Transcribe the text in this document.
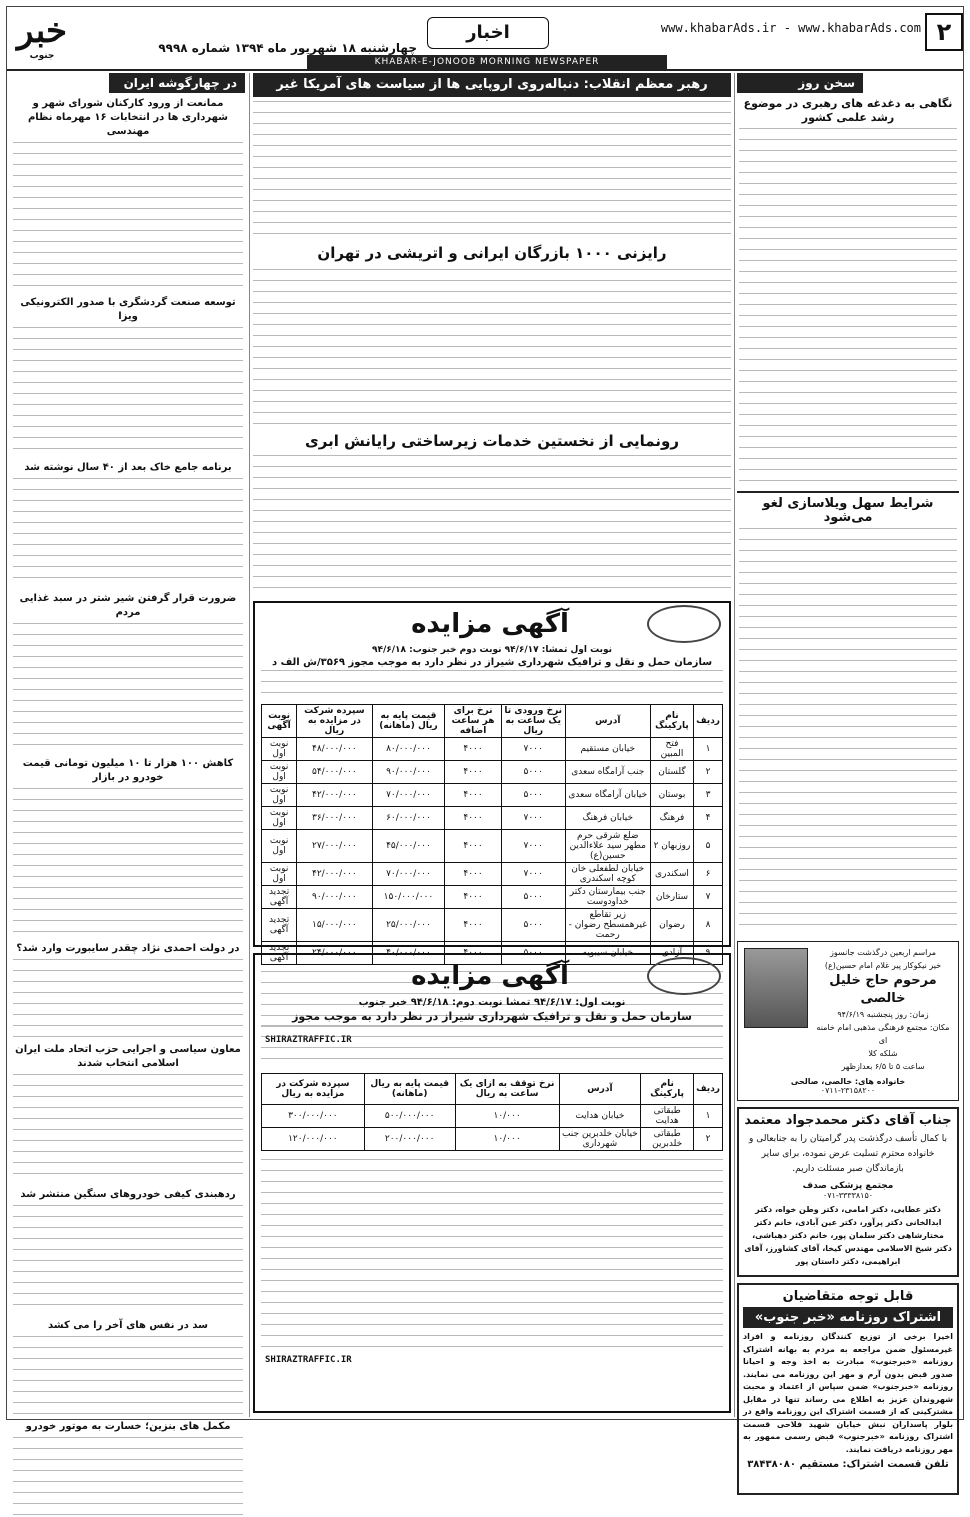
۲
www.khabarAds.ir - www.khabarAds.com
اخبار
چهارشنبه ۱۸ شهریور ماه ۱۳۹۴ شماره ۹۹۹۸
خبر
جنوب
KHABAR-E-JONOOB MORNING NEWSPAPER
سخن روز
نگاهی به دغدغه های رهبری در موضوع رشد علمی کشور
شرایط سهل ویلاسازی لغو می‌شود
مراسم اربعین درگذشت جانسوز
خیر نیکوکار پیر غلام امام حسین(ع)
مرحوم حاج خلیل خالصی
زمان: روز پنجشنبه ۹۴/۶/۱۹
مکان: مجتمع فرهنگی مذهبی امام خامنه ای
شلکه کلا
ساعت ۵ تا ۶/۵ بعدازظهر
خانواده های: خالصی، صالحی
۰۷۱۱-۲۳۱۵۸۲۰۰
جناب آقای دکتر محمدجواد معتمد
با کمال تأسف درگذشت پدر گرامیتان را به جنابعالی و خانواده محترم تسلیت عرض نموده، برای سایر بازماندگان صبر مسئلت داریم.
مجتمع پزشکی صدف
۰۷۱-۳۳۳۳۸۱۵۰
دکتر عطایی، دکتر امامی، دکتر وطن خواه، دکتر ابدالخانی دکتر پرآور، دکتر عین آبادی، خانم دکتر مختارشاهی دکتر سلمان پور، خانم دکتر دهباشی، دکتر شیخ الاسلامی مهندس کیخا، آقای کشاورز، آقای ابراهیمی، دکتر داستان پور
قابل توجه متقاضیان
اشتراک روزنامه «خبر جنوب»
اخیرا برخی از توزیع کنندگان روزنامه و افراد غیرمسئول ضمن مراجعه به مردم به بهانه اشتراک روزنامه «خبرجنوب» مبادرت به اخذ وجه و احیانا صدور قبض بدون آرم و مهر این روزنامه می نمایند. روزنامه «خبرجنوب» ضمن سپاس از اعتماد و محبت شهروندان عزیز به اطلاع می رساند تنها در مقابل مشترکینی که از قسمت اشتراک این روزنامه واقع در بلوار پاسداران نبش خیابان شهید فلاحی قسمت اشتراک روزنامه «خبرجنوب» قبض رسمی ممهور به مهر روزنامه دریافت نمایند.
تلفن قسمت اشتراک: مستقیم ۳۸۴۳۸۰۸۰
رهبر معظم انقلاب: دنباله‌روی اروپایی ها از سیاست های آمریکا غیر منطقی است
رایزنی ۱۰۰۰ بازرگان ایرانی و اتریشی در تهران
رونمایی از نخستین خدمات زیرساختی رایانش ابری
آگهی مزایده
نوبت اول تمشا: ۹۴/۶/۱۷ نوبت دوم خبر جنوب: ۹۴/۶/۱۸
سازمان حمل و نقل و ترافیک شهرداری شیراز در نظر دارد به موجب مجوز ۳۵۶۹/ش الف د
ردیف	نام پارکینگ	آدرس	نرخ ورودی تا یک ساعت به ریال	نرخ برای هر ساعت اضافه	قیمت پایه به ریال (ماهانه)	سپرده شرکت در مزایده به ریال	نوبت آگهی
۱	فتح المبین	خیابان مستقیم	۷۰۰۰	۴۰۰۰	۸۰/۰۰۰/۰۰۰	۴۸/۰۰۰/۰۰۰	نوبت اول
۲	گلستان	جنب آرامگاه سعدی	۵۰۰۰	۴۰۰۰	۹۰/۰۰۰/۰۰۰	۵۴/۰۰۰/۰۰۰	نوبت اول
۳	بوستان	خیابان آرامگاه سعدی	۵۰۰۰	۴۰۰۰	۷۰/۰۰۰/۰۰۰	۴۲/۰۰۰/۰۰۰	نوبت اول
۴	فرهنگ	خیابان فرهنگ	۷۰۰۰	۴۰۰۰	۶۰/۰۰۰/۰۰۰	۳۶/۰۰۰/۰۰۰	نوبت اول
۵	روزبهان ۲	ضلع شرقی حرم مطهر سید علاءالدین حسین(ع)	۷۰۰۰	۴۰۰۰	۴۵/۰۰۰/۰۰۰	۲۷/۰۰۰/۰۰۰	نوبت اول
۶	اسکندری	خیابان لطفعلی خان کوچه اسکندری	۷۰۰۰	۴۰۰۰	۷۰/۰۰۰/۰۰۰	۴۲/۰۰۰/۰۰۰	نوبت اول
۷	ستارخان	جنب بیمارستان دکتر خداودوست	۵۰۰۰	۴۰۰۰	۱۵۰/۰۰۰/۰۰۰	۹۰/۰۰۰/۰۰۰	تجدید آگهی
۸	رضوان	زیر تقاطع غیرهمسطح رضوان - رحمت	۵۰۰۰	۴۰۰۰	۲۵/۰۰۰/۰۰۰	۱۵/۰۰۰/۰۰۰	تجدید آگهی
۹	آزادی	خیابان سیبویه	۵۰۰۰	۴۰۰۰	۴۰/۰۰۰/۰۰۰	۲۴/۰۰۰/۰۰۰	تجدید آگهی
SHIRAZTRAFFIC.IR
آگهی مزایده
نوبت اول: ۹۴/۶/۱۷ تمشا نوبت دوم: ۹۴/۶/۱۸ خبر جنوب
سازمان حمل و نقل و ترافیک شهرداری شیراز در نظر دارد به موجب مجوز
ردیف	نام پارکینگ	آدرس	نرخ توقف به ازای یک ساعت به ریال	قیمت پایه به ریال (ماهانه)	سپرده شرکت در مزایده به ریال
۱	طبقاتی هدایت	خیابان هدایت	۱۰/۰۰۰	۵۰۰/۰۰۰/۰۰۰	۳۰۰/۰۰۰/۰۰۰
۲	طبقاتی خلدبرین	خیابان خلدبرین جنب شهرداری	۱۰/۰۰۰	۲۰۰/۰۰۰/۰۰۰	۱۲۰/۰۰۰/۰۰۰
SHIRAZTRAFFIC.IR
در چهارگوشه ایران
ممانعت از ورود کارکنان شورای شهر و شهرداری ها در انتخابات ۱۶ مهرماه نظام مهندسی
توسعه صنعت گردشگری با صدور الکترونیکی ویزا
برنامه جامع خاک بعد از ۴۰ سال نوشته شد
ضرورت قرار گرفتن شیر شتر در سبد غذایی مردم
کاهش ۱۰۰ هزار تا ۱۰ میلیون تومانی قیمت خودرو در بازار
در دولت احمدی نژاد چقدر سایبورت وارد شد؟
معاون سیاسی و اجرایی حزب اتحاد ملت ایران اسلامی انتخاب شدند
ردهبندی کیفی خودروهای سنگین منتشر شد
سد در نفس های آخر را می کشد
مکمل های بنزین؛ خسارت به موتور خودرو
